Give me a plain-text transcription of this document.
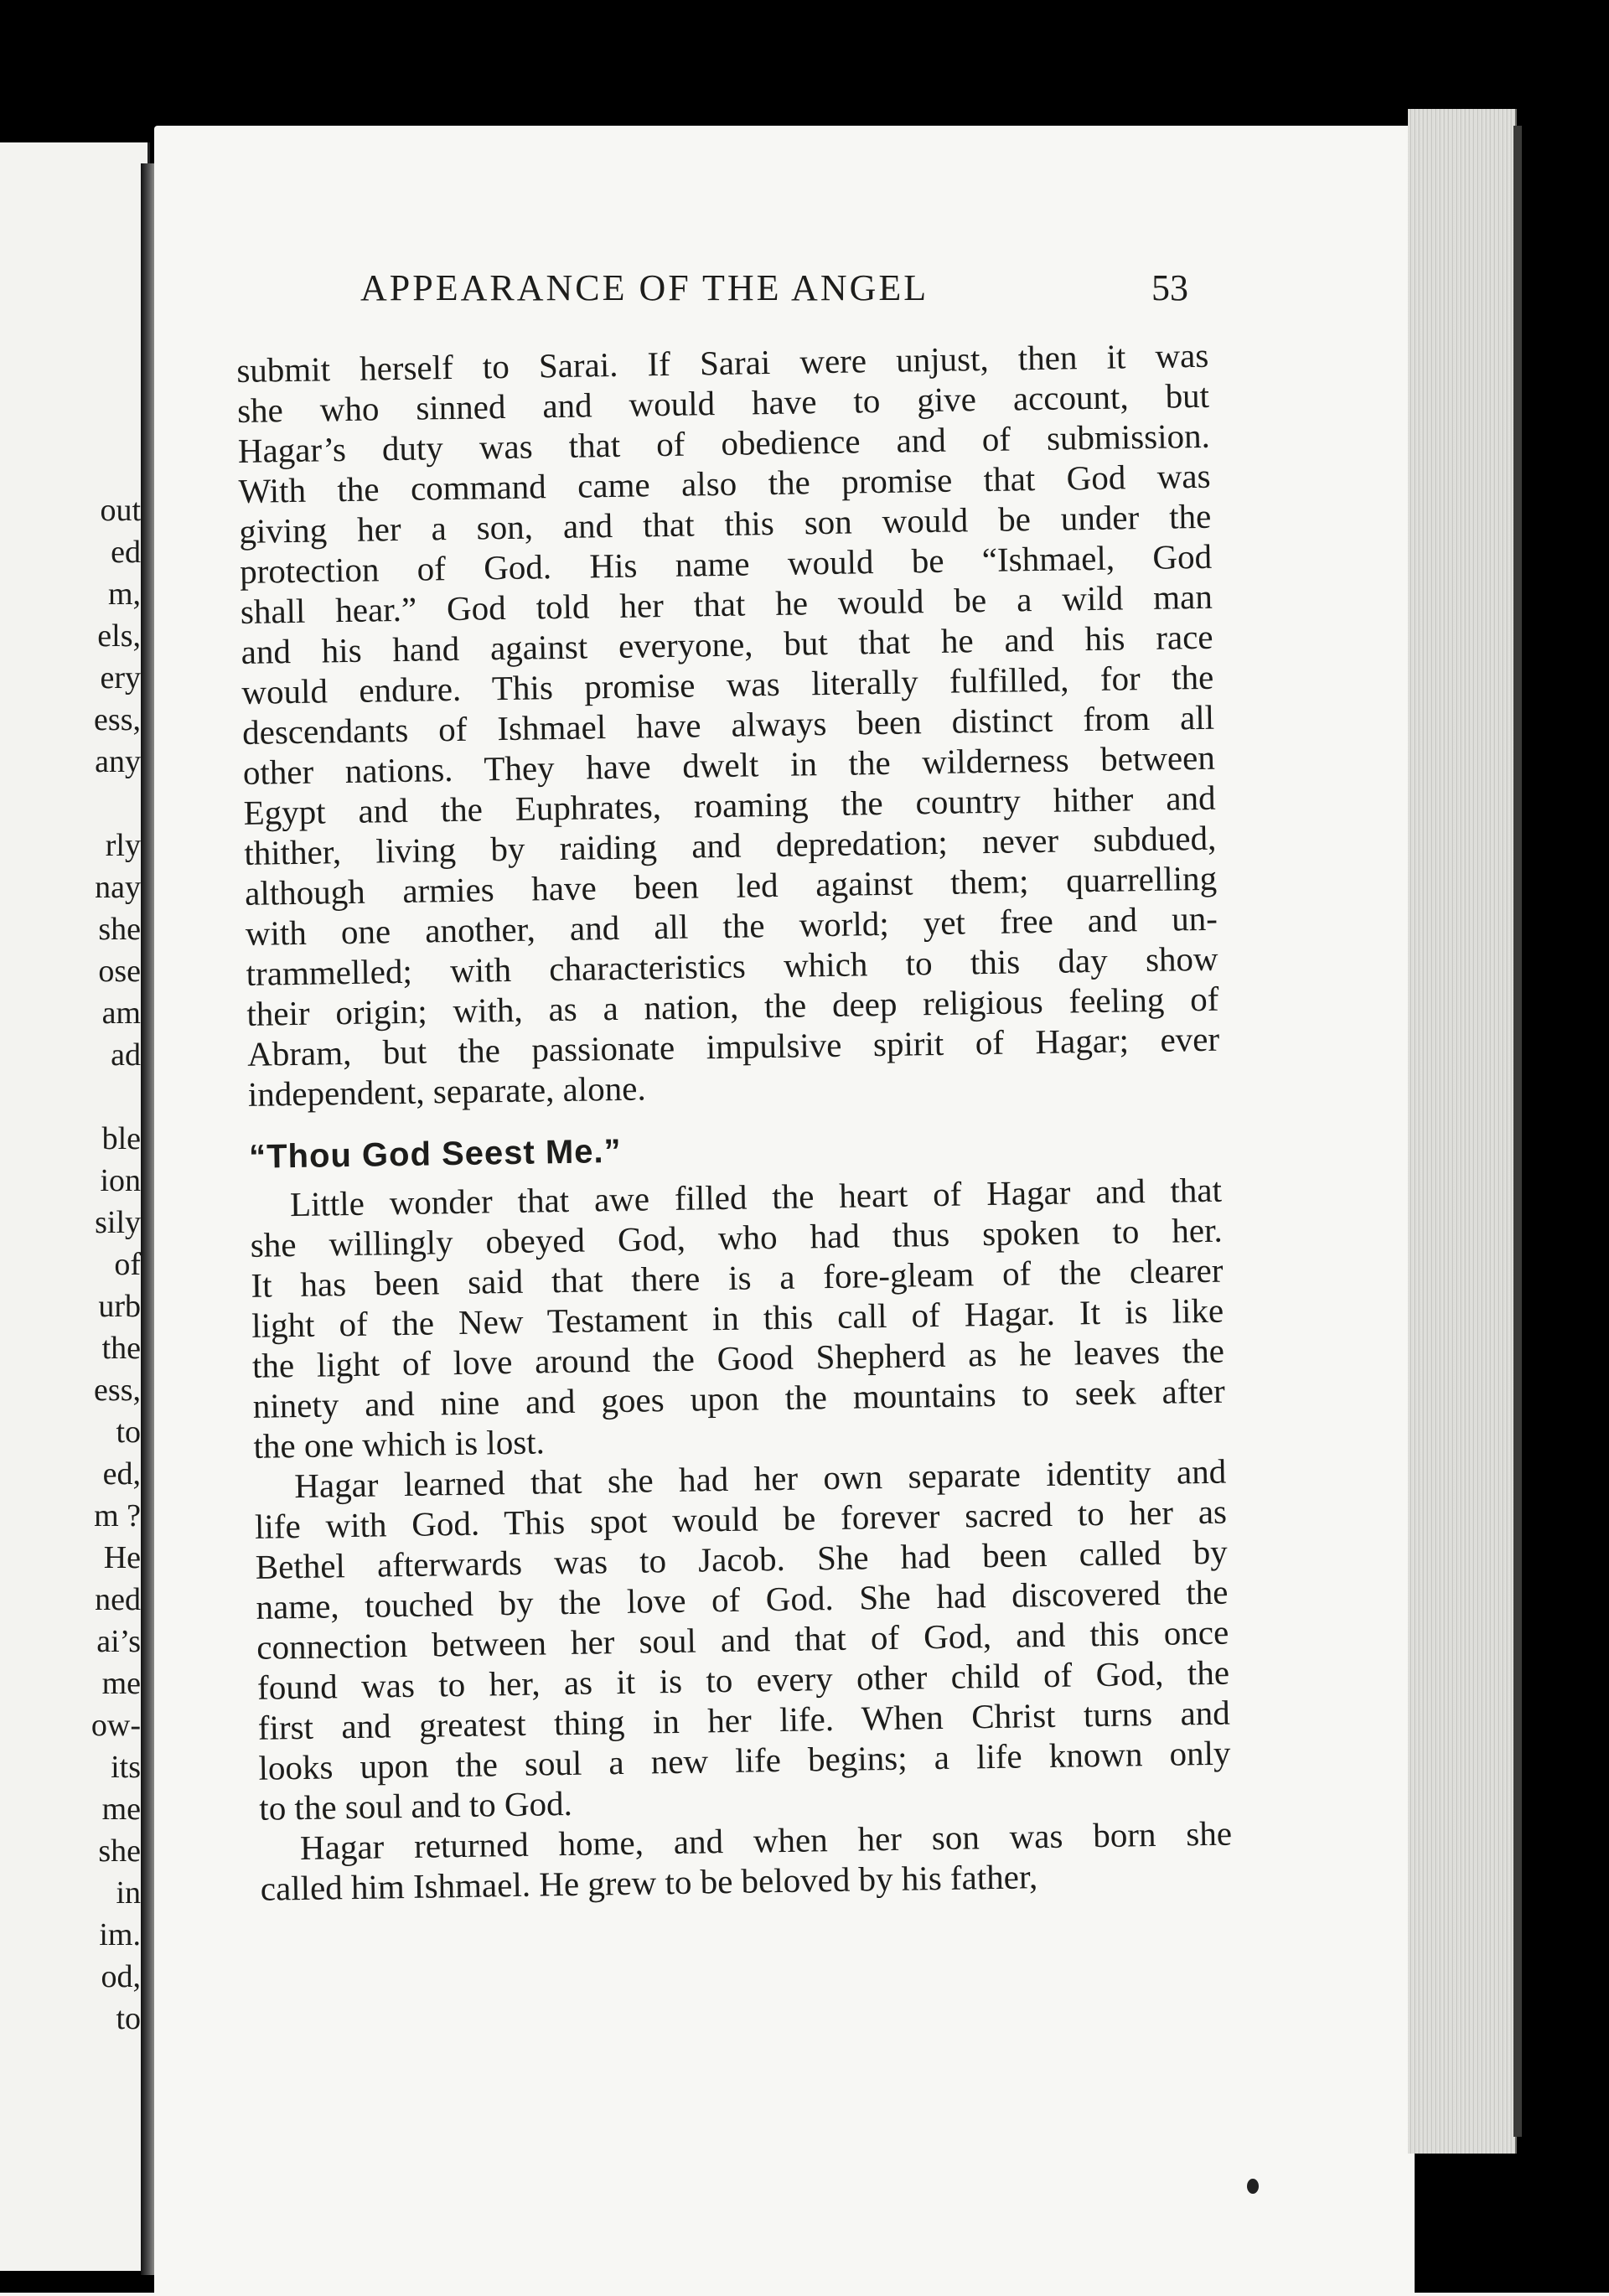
out
ed
m,
els,
ery
ess,
any
rly
nay
she
ose
am
ad
ble
ion
sily
of
urb
the
ess,
to
ed,
m ?
He
ned
ai’s
me
ow-
its
me
she
in
im.
od,
to
APPEARANCE OF THE ANGEL	53
submit herself to Sarai. If Sarai were unjust, then it was
she who sinned and would have to give account, but
Hagar’s duty was that of obedience and of submission.
With the command came also the promise that God was
giving her a son, and that this son would be under the
protection of God. His name would be “Ishmael, God
shall hear.” God told her that he would be a wild man
and his hand against everyone, but that he and his race
would endure. This promise was literally fulfilled, for the
descendants of Ishmael have always been distinct from all
other nations. They have dwelt in the wilderness between
Egypt and the Euphrates, roaming the country hither and
thither, living by raiding and depredation; never subdued,
although armies have been led against them; quarrelling
with one another, and all the world; yet free and un-
trammelled; with characteristics which to this day show
their origin; with, as a nation, the deep religious feeling of
Abram, but the passionate impulsive spirit of Hagar; ever
independent, separate, alone.
“Thou God Seest Me.”
Little wonder that awe filled the heart of Hagar and that
she willingly obeyed God, who had thus spoken to her.
It has been said that there is a fore-gleam of the clearer
light of the New Testament in this call of Hagar. It is like
the light of love around the Good Shepherd as he leaves the
ninety and nine and goes upon the mountains to seek after
the one which is lost.
Hagar learned that she had her own separate identity and
life with God. This spot would be forever sacred to her as
Bethel afterwards was to Jacob. She had been called by
name, touched by the love of God. She had discovered the
connection between her soul and that of God, and this once
found was to her, as it is to every other child of God, the
first and greatest thing in her life. When Christ turns and
looks upon the soul a new life begins; a life known only
to the soul and to God.
Hagar returned home, and when her son was born she
called him Ishmael. He grew to be beloved by his father,
